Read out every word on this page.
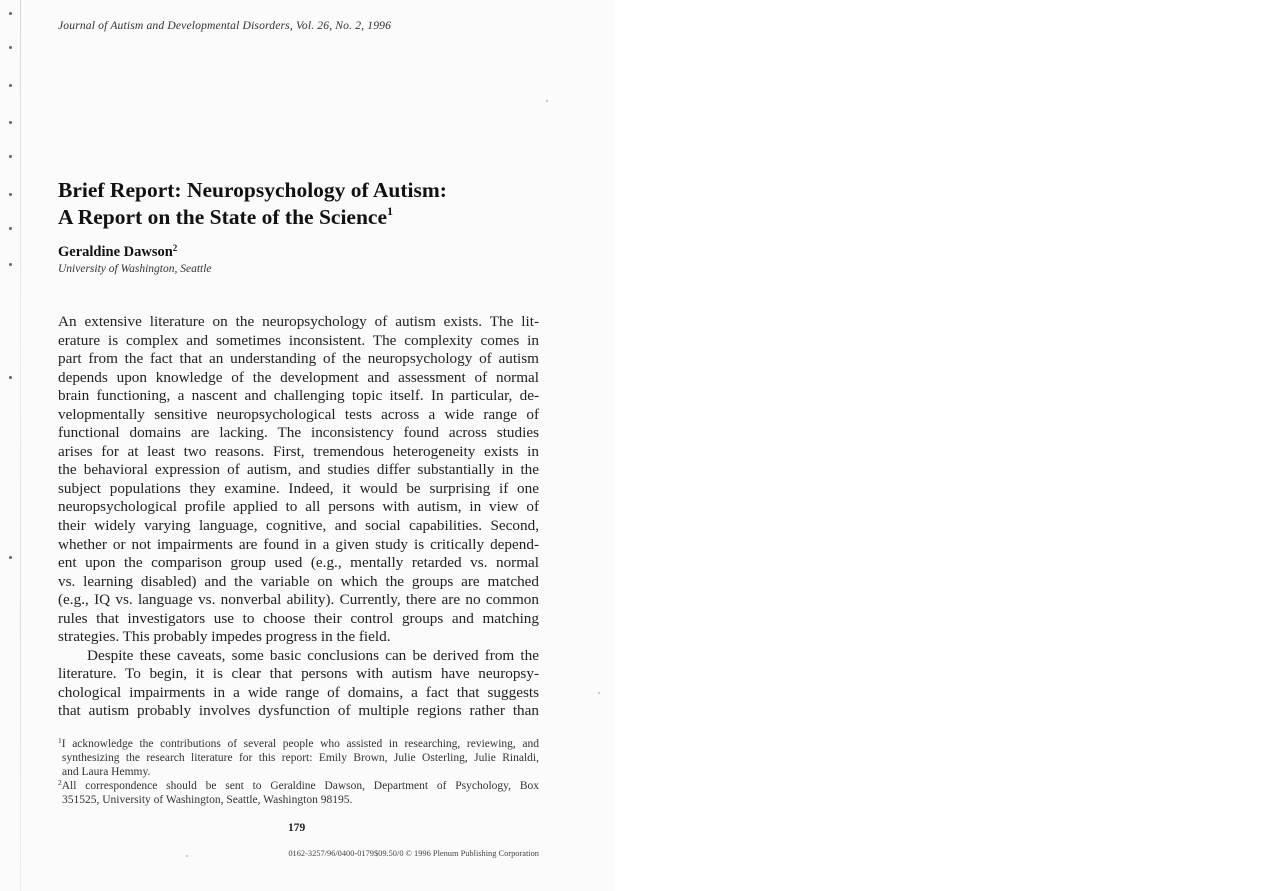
Journal of Autism and Developmental Disorders, Vol. 26, No. 2, 1996
Brief Report: Neuropsychology of Autism:
A Report on the State of the Science$^1$
Geraldine Dawson$^2$
University of Washington, Seattle

An extensive literature on the neuropsychology of autism exists. The lit-

erature is complex and sometimes inconsistent. The complexity comes in

part from the fact that an understanding of the neuropsychology of autism

depends upon knowledge of the development and assessment of normal

brain functioning, a nascent and challenging topic itself. In particular, de-

velopmentally sensitive neuropsychological tests across a wide range of

functional domains are lacking. The inconsistency found across studies

arises for at least two reasons. First, tremendous heterogeneity exists in

the behavioral expression of autism, and studies differ substantially in the

subject populations they examine. Indeed, it would be surprising if one

neuropsychological profile applied to all persons with autism, in view of

their widely varying language, cognitive, and social capabilities. Second,

whether or not impairments are found in a given study is critically depend-

ent upon the comparison group used (e.g., mentally retarded vs. normal

vs. learning disabled) and the variable on which the groups are matched

(e.g., IQ vs. language vs. nonverbal ability). Currently, there are no common

rules that investigators use to choose their control groups and matching

strategies. This probably impedes progress in the field.

Despite these caveats, some basic conclusions can be derived from the

literature. To begin, it is clear that persons with autism have neuropsy-

chological impairments in a wide range of domains, a fact that suggests

that autism probably involves dysfunction of multiple regions rather than

$^1$I acknowledge the contributions of several people who assisted in researching, reviewing, and
synthesizing the research literature for this report: Emily Brown, Julie Osterling, Julie Rinaldi,
and Laura Hemmy.
$^2$All correspondence should be sent to Geraldine Dawson, Department of Psychology, Box
351525, University of Washington, Seattle, Washington 98195.
179
0162-3257/96/0400-0179$09.50/0 © 1996 Plenum Publishing Corporation
